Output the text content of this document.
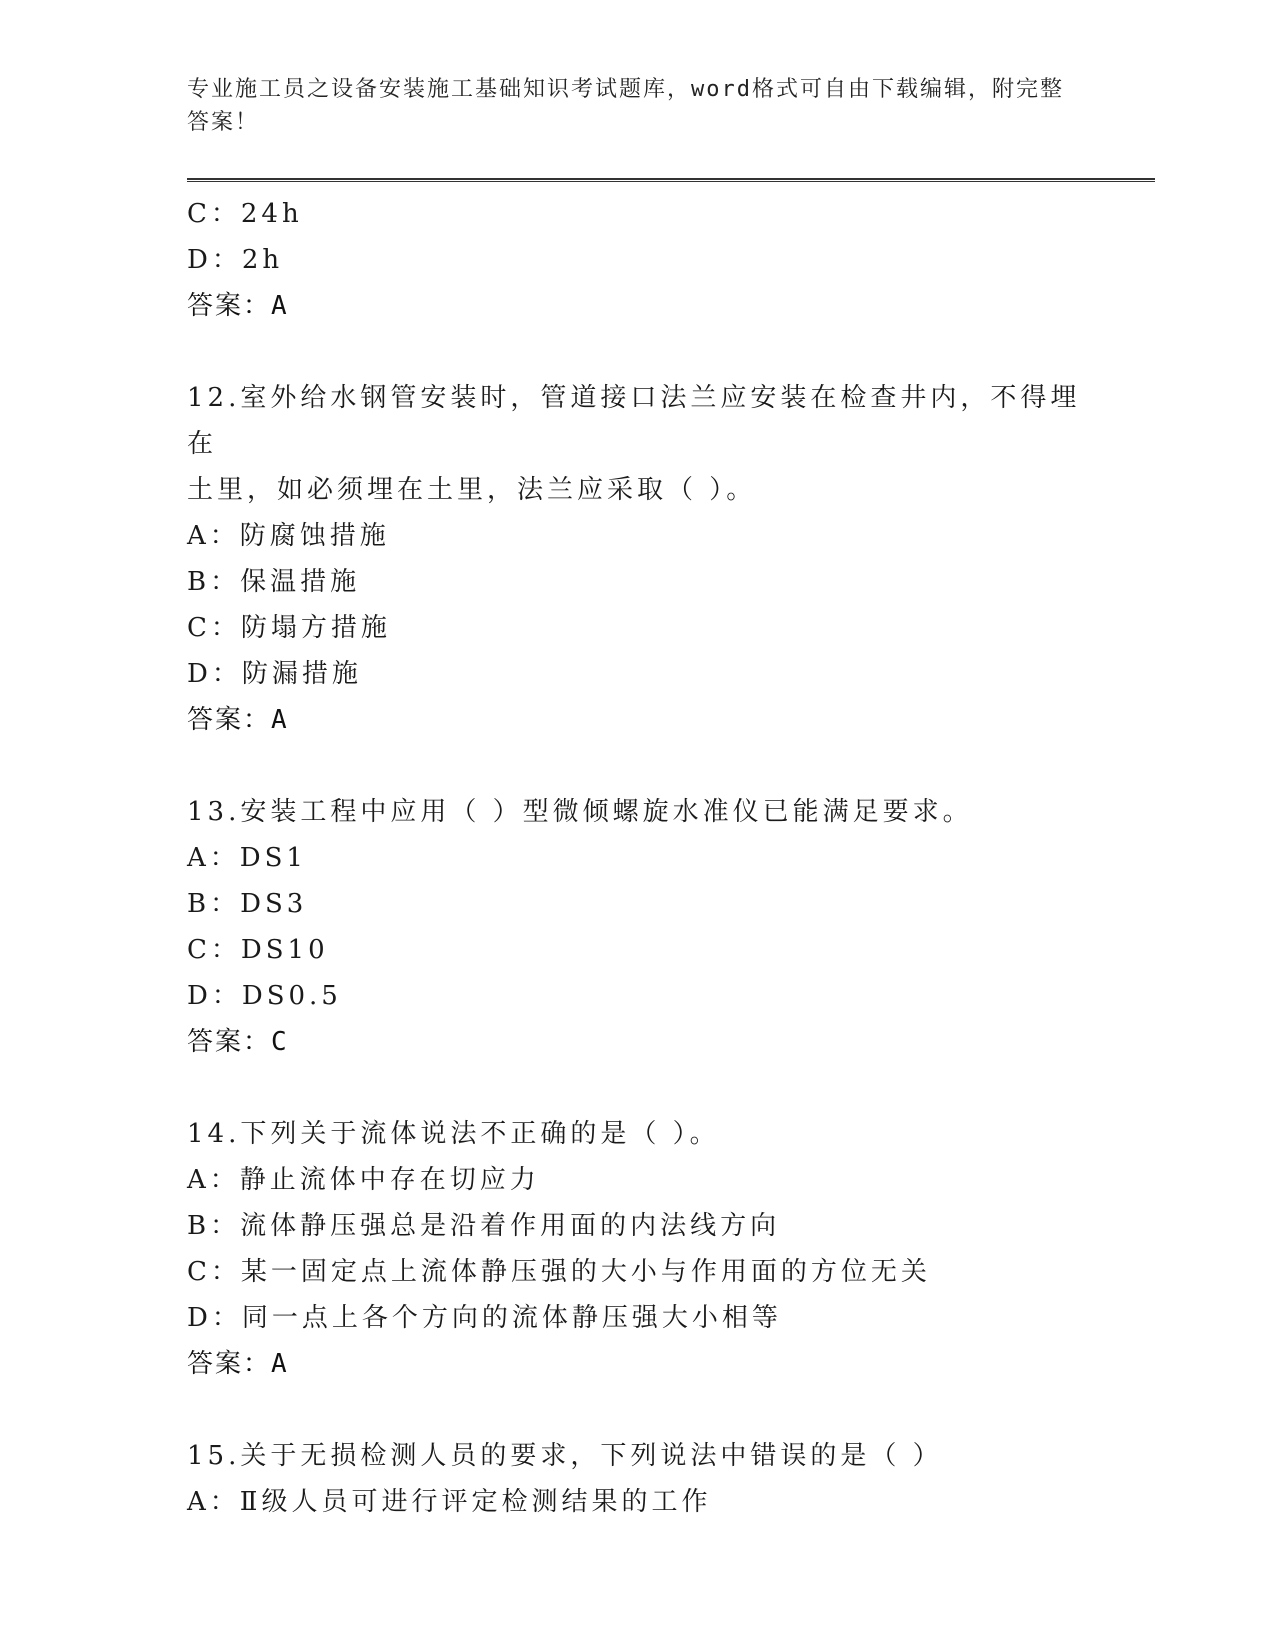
专业施工员之设备安装施工基础知识考试题库，word格式可自由下载编辑，附完整答案！
C：24h
D：2h
答案：A
12.室外给水钢管安装时，管道接口法兰应安装在检查井内，不得埋在
土里，如必须埋在土里，法兰应采取（ ）。
A：防腐蚀措施
B：保温措施
C：防塌方措施
D：防漏措施
答案：A
13.安装工程中应用（ ）型微倾螺旋水准仪已能满足要求。
A：DS1
B：DS3
C：DS10
D：DS0.5
答案：C
14.下列关于流体说法不正确的是（ ）。
A：静止流体中存在切应力
B：流体静压强总是沿着作用面的内法线方向
C：某一固定点上流体静压强的大小与作用面的方位无关
D：同一点上各个方向的流体静压强大小相等
答案：A
15.关于无损检测人员的要求，下列说法中错误的是（ ）
A：Ⅱ级人员可进行评定检测结果的工作
